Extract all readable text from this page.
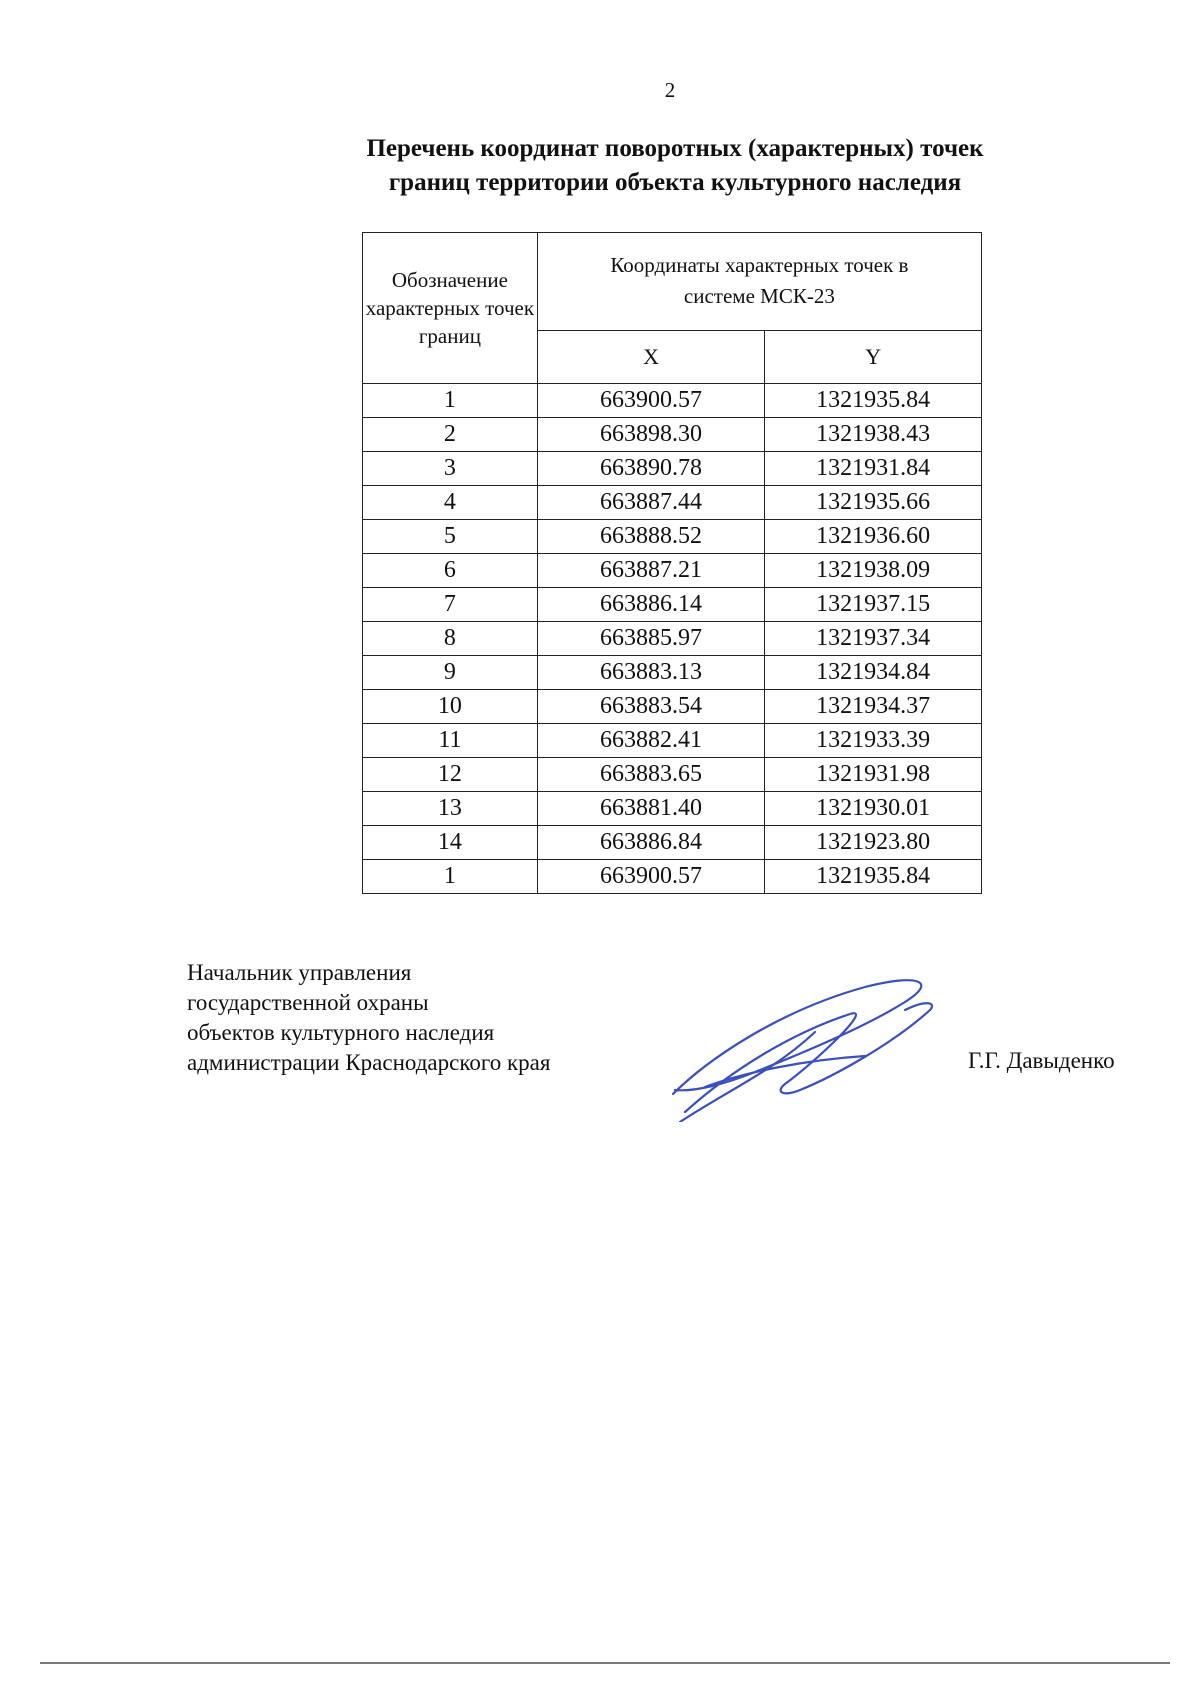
2
Перечень координат поворотных (характерных) точек
границ территории объекта культурного наследия
Обозначение характерных точек границ	Координаты характерных точек в
системе МСК-23	

	X	Y
1	663900.57	1321935.84
2	663898.30	1321938.43
3	663890.78	1321931.84
4	663887.44	1321935.66
5	663888.52	1321936.60
6	663887.21	1321938.09
7	663886.14	1321937.15
8	663885.97	1321937.34
9	663883.13	1321934.84
10	663883.54	1321934.37
11	663882.41	1321933.39
12	663883.65	1321931.98
13	663881.40	1321930.01
14	663886.84	1321923.80
1	663900.57	1321935.84
Начальник управления
государственной охраны
объектов культурного наследия
администрации Краснодарского края	Г.Г. Давыденко
